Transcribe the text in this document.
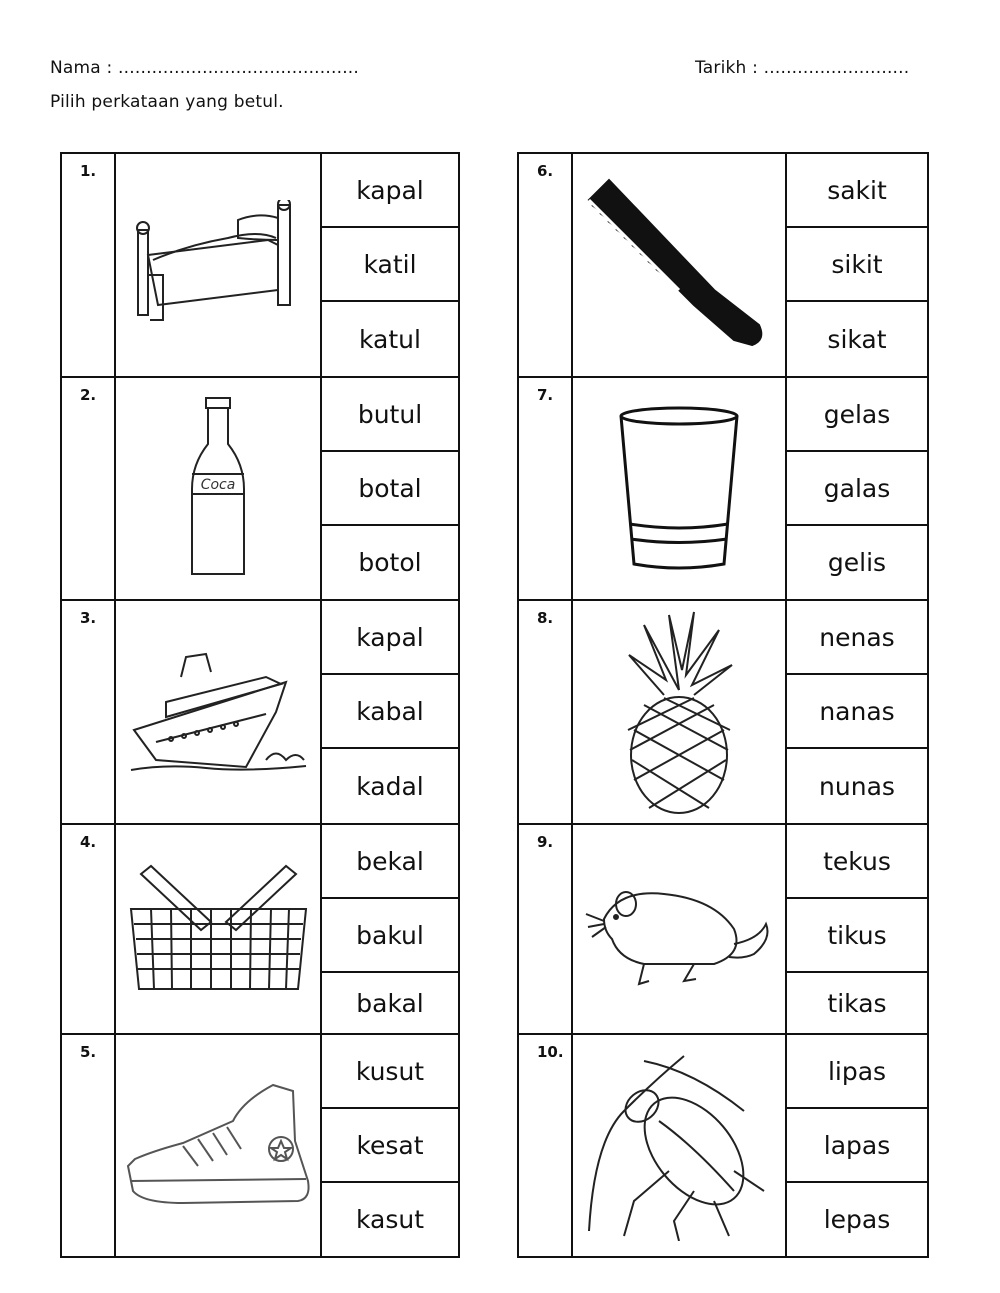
Nama : ...........................................	Tarikh : ..........................
Pilih perkataan yang betul.
1.
kapal
katil
katul
2.
Coca
butul
botal
botol
3.
kapal
kabal
kadal
4.
bekal
bakul
bakal
5.
kusut
kesat
kasut
6.
sakit
sikit
sikat
7.
gelas
galas
gelis
8.
nenas
nanas
nunas
9.
tekus
tikus
tikas
10.
lipas
lapas
lepas
